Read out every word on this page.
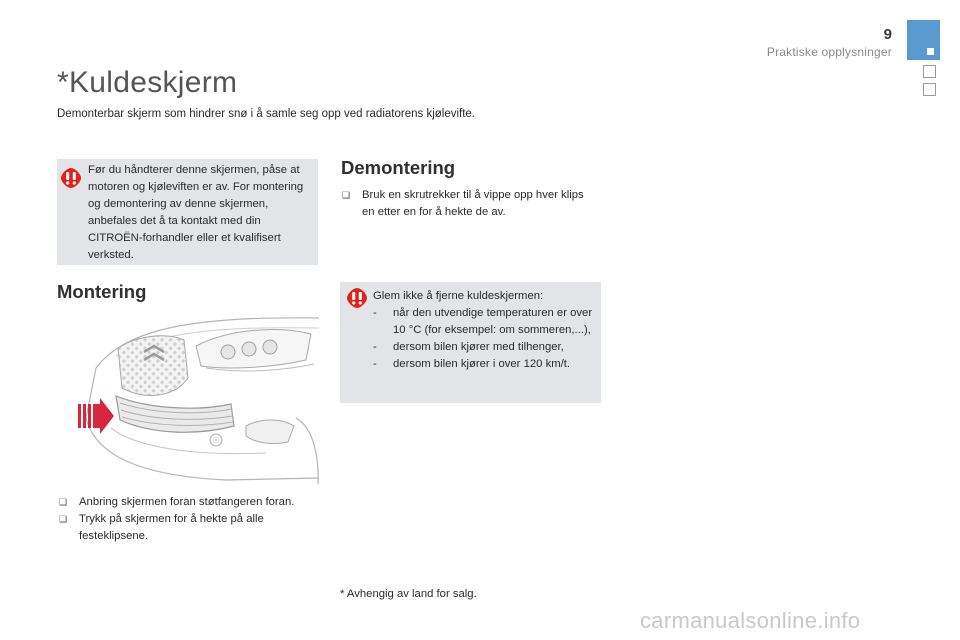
9
Praktiske opplysninger
*Kuldeskjerm
Demonterbar skjerm som hindrer snø i å samle seg opp ved radiatorens kjølevifte.
Før du håndterer denne skjermen, påse at motoren og kjøleviften er av. For montering og demontering av denne skjermen, anbefales det å ta kontakt med din CITROËN-forhandler eller et kvalifisert verksted.
Montering
❏	Anbring skjermen foran støtfangeren foran.
❏	Trykk på skjermen for å hekte på alle festeklipsene.
Demontering
❏	Bruk en skrutrekker til å vippe opp hver klips en etter en for å hekte de av.
Glem ikke å fjerne kuldeskjermen:
-	når den utvendige temperaturen er over 10 °C (for eksempel: om sommeren,...),
-	dersom bilen kjører med tilhenger,
-	dersom bilen kjører i over 120 km/t.
* Avhengig av land for salg.
carmanualsonline.info
